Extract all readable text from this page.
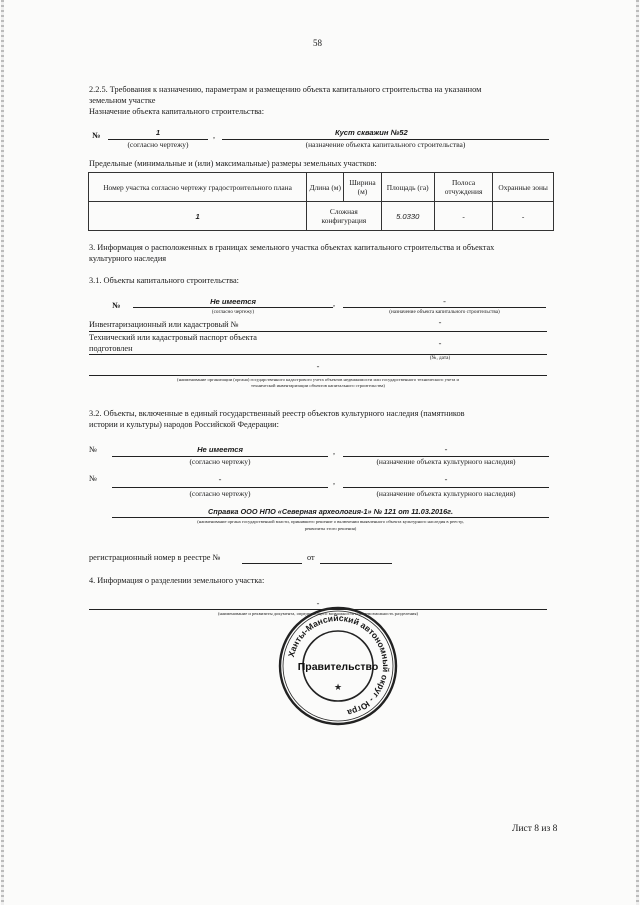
58
2.2.5. Требования к назначению, параметрам и размещению объекта капитального строительства на указанном
земельном участке
Назначение объекта капитального строительства:
№	1
(согласно чертежу)
,	Куст скважин №52
(назначение объекта капитального строительства)
Предельные (минимальные и (или) максимальные) размеры земельных участков:
Номер участка согласно чертежу градостроительного плана	Длина (м)	Ширина (м)	Площадь (га)	Полоса отчуждения	Охранные зоны
1	Сложная конфигурация		5.0330	-	-
3. Информация о расположенных в границах земельного участка объектах капитального строительства и объектах
культурного наследия
3.1. Объекты капитального строительства:
№	Не имеется
(согласно чертежу)
,	-
(назначение объекта капитального строительства)
Инвентаризационный или кадастровый №	-
Технический или кадастровый паспорт объекта
подготовлен
-
(№, дата)
-
(наименование организации (органа) государственного кадастрового учета объектов недвижимости или государственного технического учета и
технической инвентаризации объектов капитального строительства)
3.2. Объекты, включенные в единый государственный реестр объектов культурного наследия (памятников
истории и культуры) народов Российской Федерации:
№	Не имеется
(согласно чертежу)
,	-
(назначение объекта культурного наследия)
№	-
(согласно чертежу)
,	-
(назначение объекта культурного наследия)
Справка ООО НПО «Северная археология-1» № 121 от 11.03.2016г.
(наименование органа государственной власти, принявшего решение о включении выявленного объекта культурного наследия в реестр,
реквизиты этого решения)
регистрационный номер в реестре №	от
4. Информация о разделении земельного участка:
-
(наименование и реквизиты документа, определяющего возможность или невозможность разделения)
Ханты-Мансийский автономный округ - Югра
★
Правительство
Лист 8 из 8
